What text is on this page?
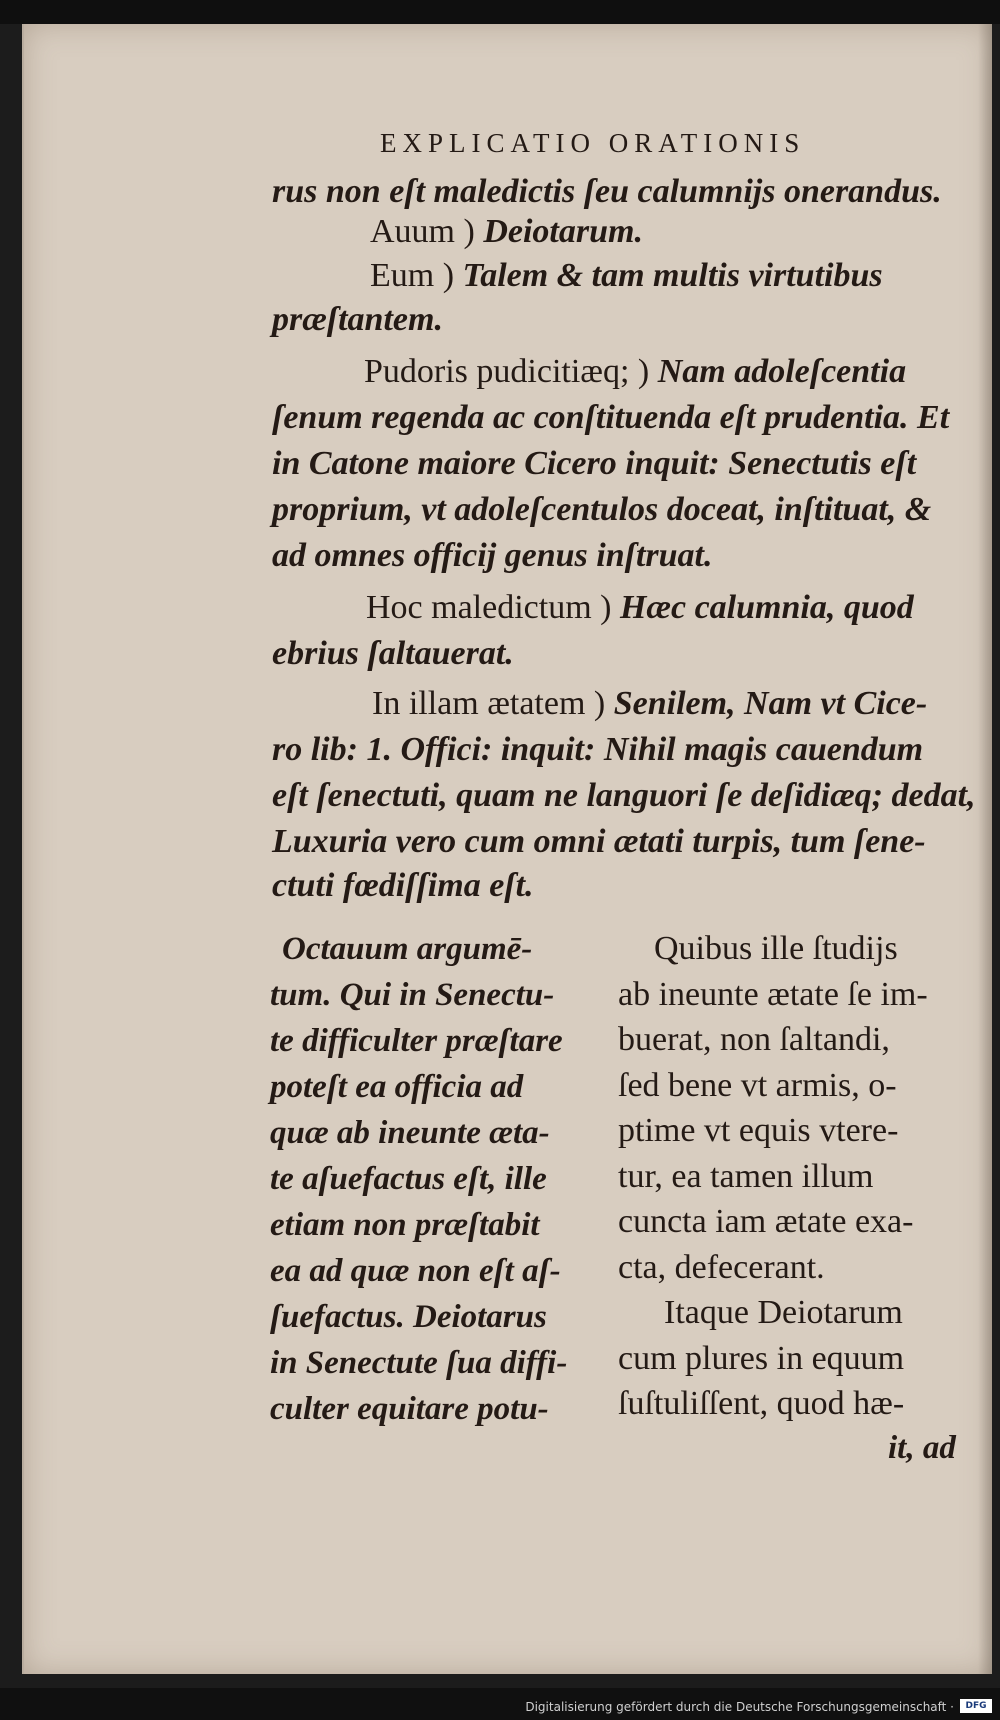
EXPLICATIO ORATIONIS
rus non eſt maledictis ſeu calumnijs onerandus.
Auum ) Deiotarum.
Eum ) Talem & tam multis virtutibus
præſtantem.
Pudoris pudicitiæq; ) Nam adoleſcentia
ſenum regenda ac conſtituenda eſt prudentia. Et
in Catone maiore Cicero inquit: Senectutis eſt
proprium, vt adoleſcentulos doceat, inſtituat, &
ad omnes officij genus inſtruat.
Hoc maledictum ) Hæc calumnia, quod
ebrius ſaltauerat.
In illam ætatem ) Senilem, Nam vt Cice-
ro lib: 1. Offici: inquit: Nihil magis cauendum
eſt ſenectuti, quam ne languori ſe deſidiæq; dedat,
Luxuria vero cum omni ætati turpis, tum ſene-
ctuti fœdiſſima eſt.
Octauum argumē-
tum. Qui in Senectu-
te difficulter præſtare
poteſt ea officia ad
quæ ab ineunte æta-
te aſuefactus eſt, ille
etiam non præſtabit
ea ad quæ non eſt aſ-
ſuefactus. Deiotarus
in Senectute ſua diffi-
culter equitare potu-
Quibus ille ſtudijs
ab ineunte ætate ſe im-
buerat, non ſaltandi,
ſed bene vt armis, o-
ptime vt equis vtere-
tur, ea tamen illum
cuncta iam ætate exa-
cta, defecerant.
Itaque Deiotarum
cum plures in equum
ſuſtuliſſent, quod hæ-
it, ad
Digitalisierung gefördert durch die Deutsche Forschungsgemeinschaft ·	DFG
